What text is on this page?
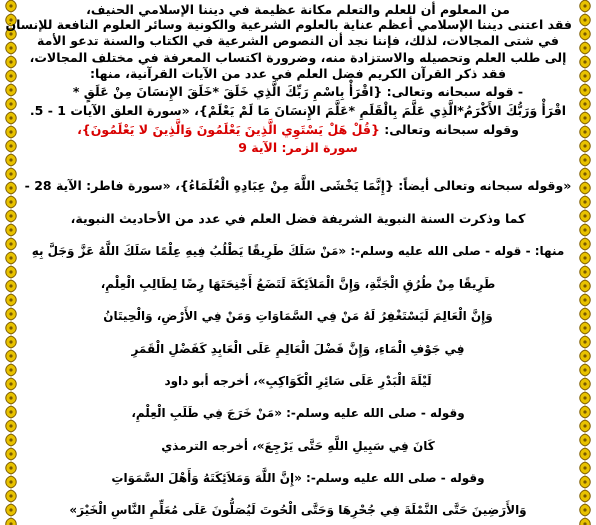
من المعلوم أن للعلم والتعلم مكانة عظيمة في ديننا الإسلامي الحنيف،
فقد اعتنى ديننا الإسلامي أعظم عناية بالعلوم الشرعية والكونية وسائر العلوم النافعة للإنسان
في شتى المجالات، لذلك، فإننا نجد أن النصوص الشرعية في الكتاب والسنة تدعو الأمة
إلى طلب العلم وتحصيله والاستزادة منه، وضرورة اكتساب المعرفة في مختلف المجالات،
فقد ذكر القرآن الكريم فضل العلم في عدد من الآيات القرآنية، منها:
- قوله سبحانه وتعالى: {اقْرَأْ بِاسْمِ رَبِّكَ الَّذِي خَلَقَ *خَلَقَ الإِنسَانَ مِنْ عَلَقٍ *
اقْرَأْ وَرَبُّكَ الأَكْرَمُ*الَّذِي عَلَّمَ بِالْقَلَمِ *عَلَّمَ الإِنسَانَ مَا لَمْ يَعْلَمْ}، «سورة العلق الآيات 1 - 5.
وقوله سبحانه وتعالى: {قُلْ هَلْ يَسْتَوِي الَّذِينَ يَعْلَمُونَ وَالَّذِينَ لا يَعْلَمُونَ}،
سورة الزمر: الآية 9
«وقوله سبحانه وتعالى أيضاً: {إِنَّمَا يَخْشَى اللَّهَ مِنْ عِبَادِهِ الْعُلَمَاءُ}، «سورة فاطر: الآية 28 -
كما وذكرت السنة النبوية الشريفة فضل العلم في عدد من الأحاديث النبوية،
منها: - قوله - صلى الله عليه وسلم-: «مَنْ سَلَكَ طَرِيقًا يَطْلُبُ فِيهِ عِلْمًا سَلَكَ اللَّهُ عَزَّ وَجَلَّ بِهِ
طَرِيقًا مِنْ طُرُقِ الْجَنَّةِ، وَإِنَّ الْمَلاَئِكَةَ لَتَضَعُ أَجْنِحَتَهَا رِضًا لِطَالِبِ الْعِلْمِ،
وَإِنَّ الْعَالِمَ لَيَسْتَغْفِرُ لَهُ مَنْ فِي السَّمَاوَاتِ وَمَنْ فِي الأَرْضِ، وَالْحِيتَانُ
فِي جَوْفِ الْمَاءِ، وَإِنَّ فَضْلَ الْعَالِمِ عَلَى الْعَابِدِ كَفَضْلِ الْقَمَرِ
لَيْلَةَ الْبَدْرِ عَلَى سَائِرِ الْكَوَاكِبِ»، أخرجه أبو داود
وقوله - صلى الله عليه وسلم-: «مَنْ خَرَجَ فِي طَلَبِ الْعِلْمِ،
كَانَ فِي سَبِيلِ اللَّهِ حَتَّى يَرْجِعَ»، أخرجه الترمذي
وقوله - صلى الله عليه وسلم-: «إِنَّ اللَّهَ وَمَلاَئِكَتَهُ وَأَهْلَ السَّمَوَاتِ
وَالأَرَضِينَ حَتَّى النَّمْلَةَ فِي جُحْرِهَا وَحَتَّى الْحُوتَ لَيُصَلُّونَ عَلَى مُعَلِّمِ النَّاسِ الْخَيْرَ»
